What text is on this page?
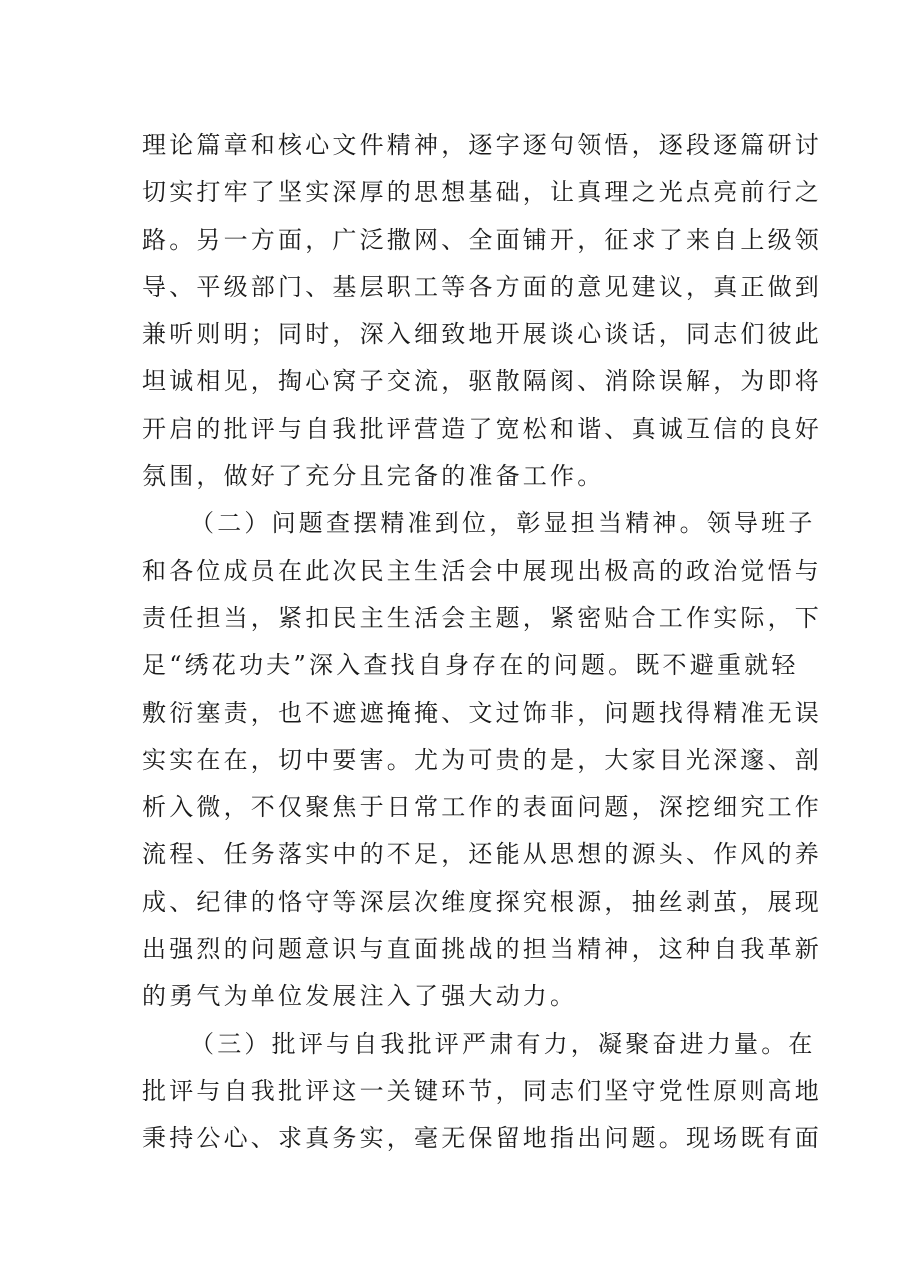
理论篇章和核心文件精神，逐字逐句领悟，逐段逐篇研讨
切实打牢了坚实深厚的思想基础，让真理之光点亮前行之
路。另一方面，广泛撒网、全面铺开，征求了来自上级领
导、平级部门、基层职工等各方面的意见建议，真正做到
兼听则明；同时，深入细致地开展谈心谈话，同志们彼此
坦诚相见，掏心窝子交流，驱散隔阂、消除误解，为即将
开启的批评与自我批评营造了宽松和谐、真诚互信的良好
氛围，做好了充分且完备的准备工作。
（二）问题查摆精准到位，彰显担当精神。领导班子
和各位成员在此次民主生活会中展现出极高的政治觉悟与
责任担当，紧扣民主生活会主题，紧密贴合工作实际，下
足“绣花功夫”深入查找自身存在的问题。既不避重就轻
敷衍塞责，也不遮遮掩掩、文过饰非，问题找得精准无误
实实在在，切中要害。尤为可贵的是，大家目光深邃、剖
析入微，不仅聚焦于日常工作的表面问题，深挖细究工作
流程、任务落实中的不足，还能从思想的源头、作风的养
成、纪律的恪守等深层次维度探究根源，抽丝剥茧，展现
出强烈的问题意识与直面挑战的担当精神，这种自我革新
的勇气为单位发展注入了强大动力。
（三）批评与自我批评严肃有力，凝聚奋进力量。在
批评与自我批评这一关键环节，同志们坚守党性原则高地
秉持公心、求真务实，毫无保留地指出问题。现场既有面
